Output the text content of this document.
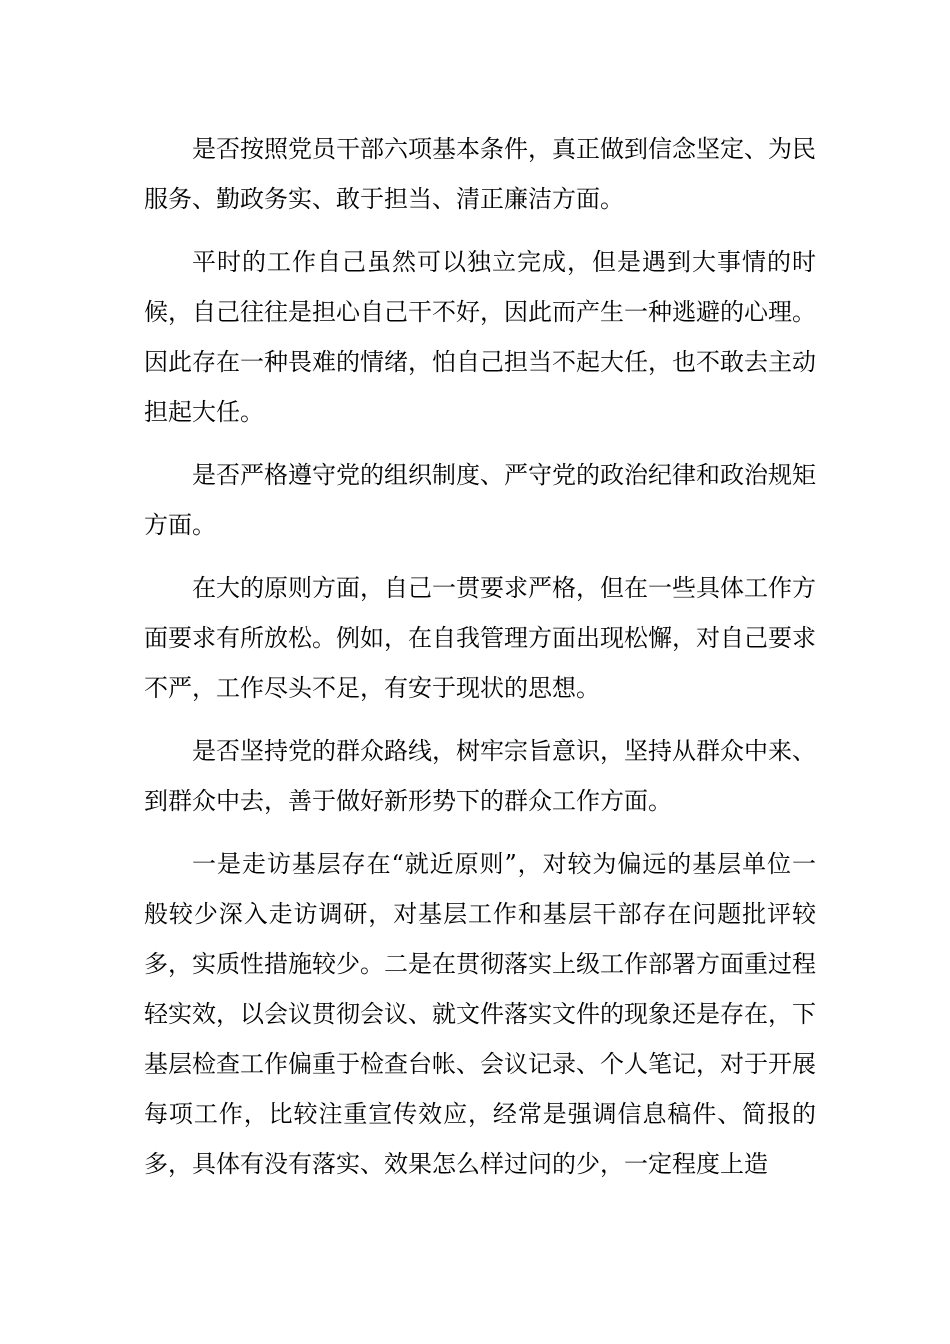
是否按照党员干部六项基本条件，真正做到信念坚定、为民服务、勤政务实、敢于担当、清正廉洁方面。

平时的工作自己虽然可以独立完成，但是遇到大事情的时候，自己往往是担心自己干不好，因此而产生一种逃避的心理。因此存在一种畏难的情绪，怕自己担当不起大任，也不敢去主动担起大任。

是否严格遵守党的组织制度、严守党的政治纪律和政治规矩方面。

在大的原则方面，自己一贯要求严格，但在一些具体工作方面要求有所放松。例如，在自我管理方面出现松懈，对自己要求不严，工作尽头不足，有安于现状的思想。

是否坚持党的群众路线，树牢宗旨意识，坚持从群众中来、到群众中去，善于做好新形势下的群众工作方面。

一是走访基层存在“就近原则”，对较为偏远的基层单位一般较少深入走访调研，对基层工作和基层干部存在问题批评较多，实质性措施较少。二是在贯彻落实上级工作部署方面重过程轻实效，以会议贯彻会议、就文件落实文件的现象还是存在，下基层检查工作偏重于检查台帐、会议记录、个人笔记，对于开展每项工作，比较注重宣传效应，经常是强调信息稿件、简报的多，具体有没有落实、效果怎么样过问的少，一定程度上造
